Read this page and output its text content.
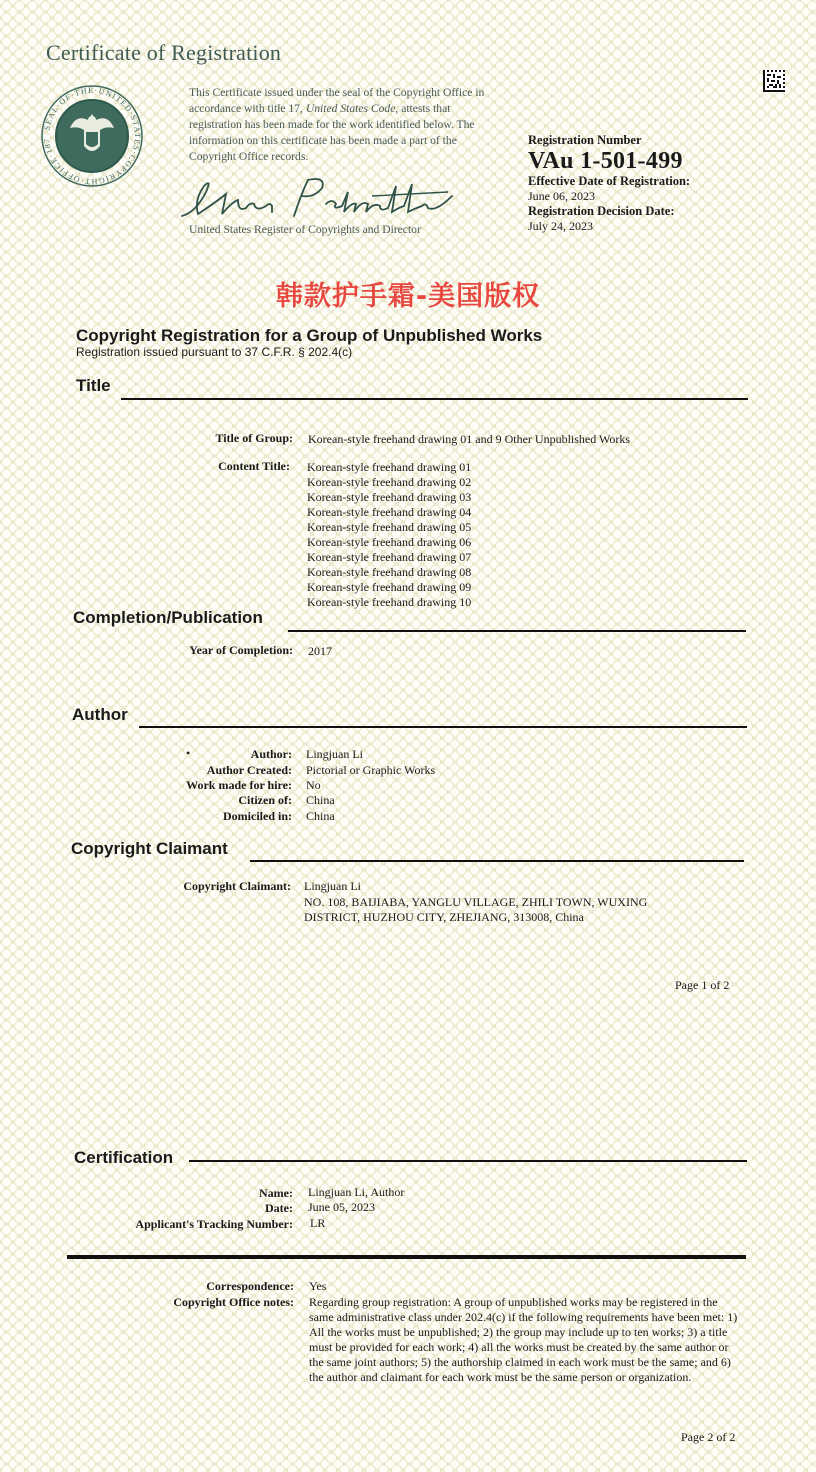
Certificate of Registration
SEAL·OF·THE·UNITED·STATES·COPYRIGHT·OFFICE·187
This Certificate issued under the seal of the Copyright Office in accordance with title 17, United States Code, attests that registration has been made for the work identified below. The information on this certificate has been made a part of the Copyright Office records.
United States Register of Copyrights and Director
Registration Number
VAu 1-501-499
Effective Date of Registration:
June 06, 2023
Registration Decision Date:
July 24, 2023
韩款护手霜-美国版权
Copyright Registration for a Group of Unpublished Works
Registration issued pursuant to 37 C.F.R. § 202.4(c)
Title
Title of Group: Korean-style freehand drawing 01 and 9 Other Unpublished Works
Content Title: Korean-style freehand drawing 01
Korean-style freehand drawing 02
Korean-style freehand drawing 03
Korean-style freehand drawing 04
Korean-style freehand drawing 05
Korean-style freehand drawing 06
Korean-style freehand drawing 07
Korean-style freehand drawing 08
Korean-style freehand drawing 09
Korean-style freehand drawing 10
Completion/Publication
Year of Completion: 2017
Author
•	Author: Lingjuan Li
Author Created: Pictorial or Graphic Works
Work made for hire: No
Citizen of: China
Domiciled in: China
Copyright Claimant
Copyright Claimant: Lingjuan Li
NO. 108, BAIJIABA, YANGLU VILLAGE, ZHILI TOWN, WUXING
DISTRICT, HUZHOU CITY, ZHEJIANG, 313008, China
Page 1 of 2
Certification
Name: Lingjuan Li, Author
Date: June 05, 2023
Applicant's Tracking Number: LR
Correspondence: Yes
Copyright Office notes: Regarding group registration: A group of unpublished works may be registered in the same administrative class under 202.4(c) if the following requirements have been met: 1) All the works must be unpublished; 2) the group may include up to ten works; 3) a title must be provided for each work; 4) all the works must be created by the same author or the same joint authors; 5) the authorship claimed in each work must be the same; and 6) the author and claimant for each work must be the same person or organization.
Page 2 of 2
